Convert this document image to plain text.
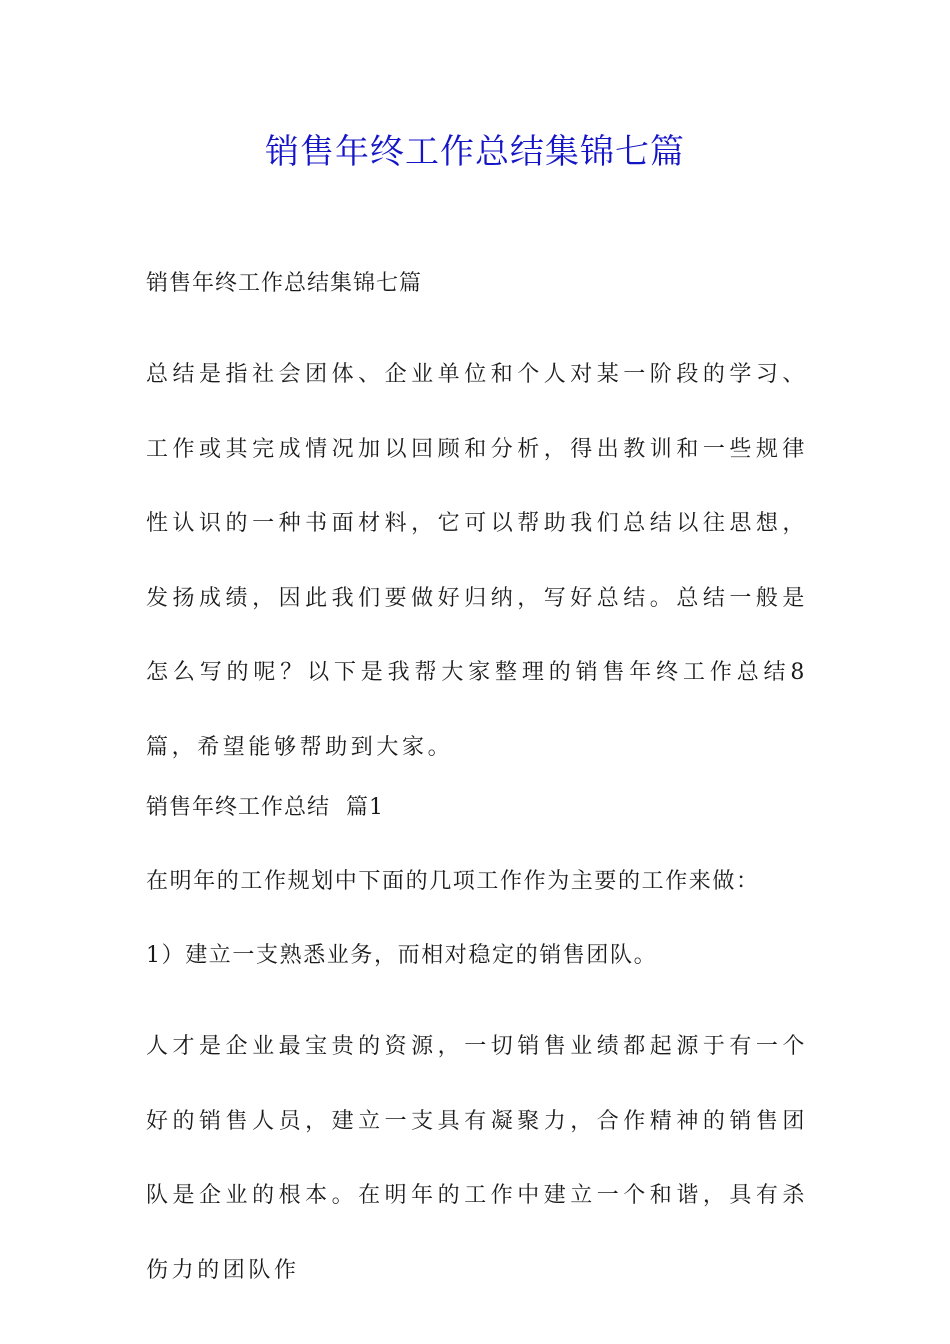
销售年终工作总结集锦七篇

销售年终工作总结集锦七篇

总结是指社会团体、企业单位和个人对某一阶段的学习、工作或其完成情况加以回顾和分析，得出教训和一些规律性认识的一种书面材料，它可以帮助我们总结以往思想，发扬成绩，因此我们要做好归纳，写好总结。总结一般是怎么写的呢？以下是我帮大家整理的销售年终工作总结8篇，希望能够帮助到大家。

销售年终工作总结  篇1

在明年的工作规划中下面的几项工作作为主要的工作来做：

1）建立一支熟悉业务，而相对稳定的销售团队。

人才是企业最宝贵的资源，一切销售业绩都起源于有一个好的销售人员，建立一支具有凝聚力，合作精神的销售团队是企业的根本。在明年的工作中建立一个和谐，具有杀伤力的团队作
